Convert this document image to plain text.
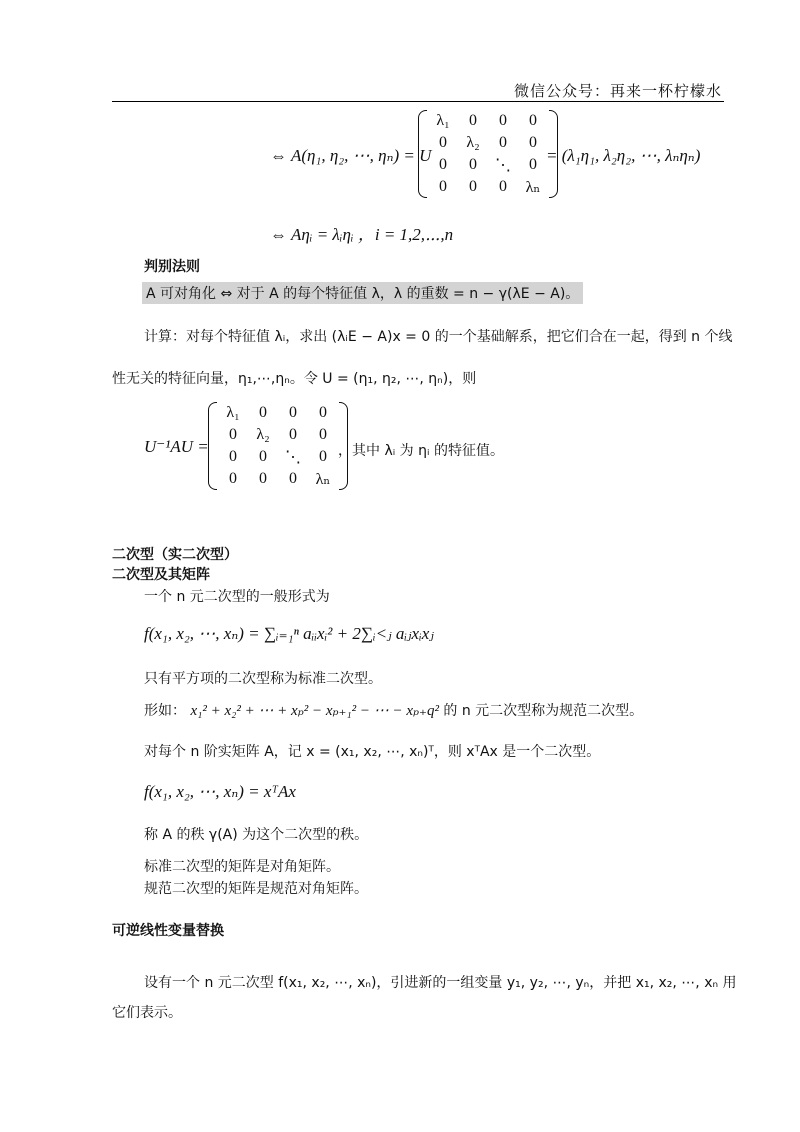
微信公众号：再来一杯柠檬水
⇔ A(η₁, η₂, ⋯, ηₙ) = U
λ₁	0	0	0
0	λ₂	0	0
0	0	⋱	0
0	0	0	λₙ
= (λ₁η₁, λ₂η₂, ⋯, λₙηₙ)
⇔ Aηᵢ = λᵢηᵢ ，i = 1,2,⋯,n
判别法则
A 可对角化 ⇔ 对于 A 的每个特征值 λ，λ 的重数 = n − γ(λE − A)。
计算：对每个特征值 λᵢ，求出 (λᵢE − A)x = 0 的一个基础解系，把它们合在一起，得到 n 个线
性无关的特征向量，η₁,⋯,ηₙ。令 U = (η₁, η₂, ⋯, ηₙ)，则
U⁻¹AU =
λ₁	0	0	0
0	λ₂	0	0
0	0	⋱	0
0	0	0	λₙ
，其中 λᵢ 为 ηᵢ 的特征值。
二次型（实二次型）
二次型及其矩阵
一个 n 元二次型的一般形式为
f(x₁, x₂, ⋯, xₙ) = ∑ᵢ₌₁ⁿ aᵢᵢxᵢ² + 2∑ᵢ<ⱼ aᵢⱼxᵢxⱼ
只有平方项的二次型称为标准二次型。
形如： x₁² + x₂² + ⋯ + xₚ² − xₚ₊₁² − ⋯ − xₚ₊q² 的 n 元二次型称为规范二次型。
对每个 n 阶实矩阵 A，记 x = (x₁, x₂, ⋯, xₙ)ᵀ，则 xᵀAx 是一个二次型。
f(x₁, x₂, ⋯, xₙ) = xᵀAx
称 A 的秩 γ(A) 为这个二次型的秩。
标准二次型的矩阵是对角矩阵。
规范二次型的矩阵是规范对角矩阵。
可逆线性变量替换
设有一个 n 元二次型 f(x₁, x₂, ⋯, xₙ)，引进新的一组变量 y₁, y₂, ⋯, yₙ，并把 x₁, x₂, ⋯, xₙ 用
它们表示。
